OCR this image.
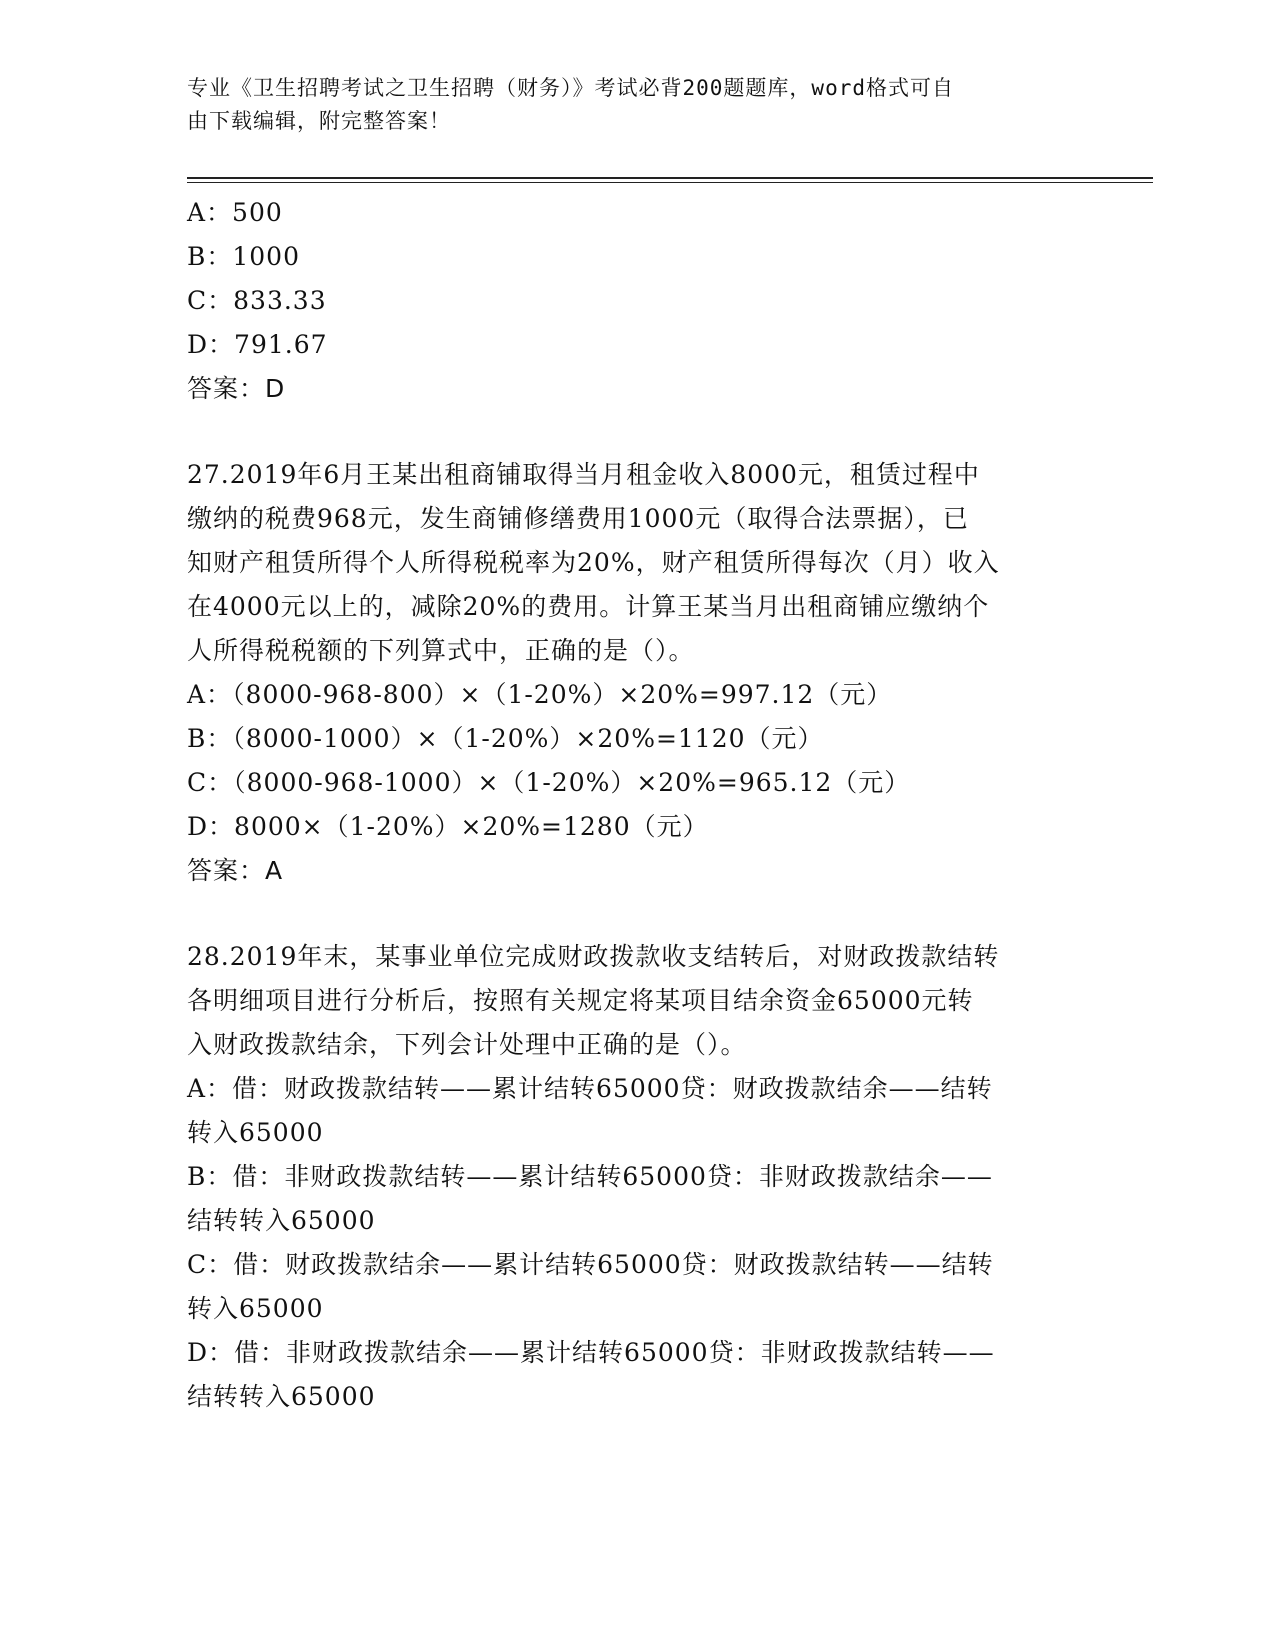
专业《卫生招聘考试之卫生招聘（财务）》考试必背200题题库，word格式可自
由下载编辑，附完整答案！
A：500
B：1000
C：833.33
D：791.67
答案：D
27.2019年6月王某出租商铺取得当月租金收入8000元，租赁过程中
缴纳的税费968元，发生商铺修缮费用1000元（取得合法票据），已
知财产租赁所得个人所得税税率为20%，财产租赁所得每次（月）收入
在4000元以上的，减除20%的费用。计算王某当月出租商铺应缴纳个
人所得税税额的下列算式中，正确的是（）。
A：（8000-968-800）×（1-20%）×20%=997.12（元）
B：（8000-1000）×（1-20%）×20%=1120（元）
C：（8000-968-1000）×（1-20%）×20%=965.12（元）
D：8000×（1-20%）×20%=1280（元）
答案：A
28.2019年末，某事业单位完成财政拨款收支结转后，对财政拨款结转
各明细项目进行分析后，按照有关规定将某项目结余资金65000元转
入财政拨款结余，下列会计处理中正确的是（）。
A：借：财政拨款结转——累计结转65000贷：财政拨款结余——结转
转入65000
B：借：非财政拨款结转——累计结转65000贷：非财政拨款结余——
结转转入65000
C：借：财政拨款结余——累计结转65000贷：财政拨款结转——结转
转入65000
D：借：非财政拨款结余——累计结转65000贷：非财政拨款结转——
结转转入65000
